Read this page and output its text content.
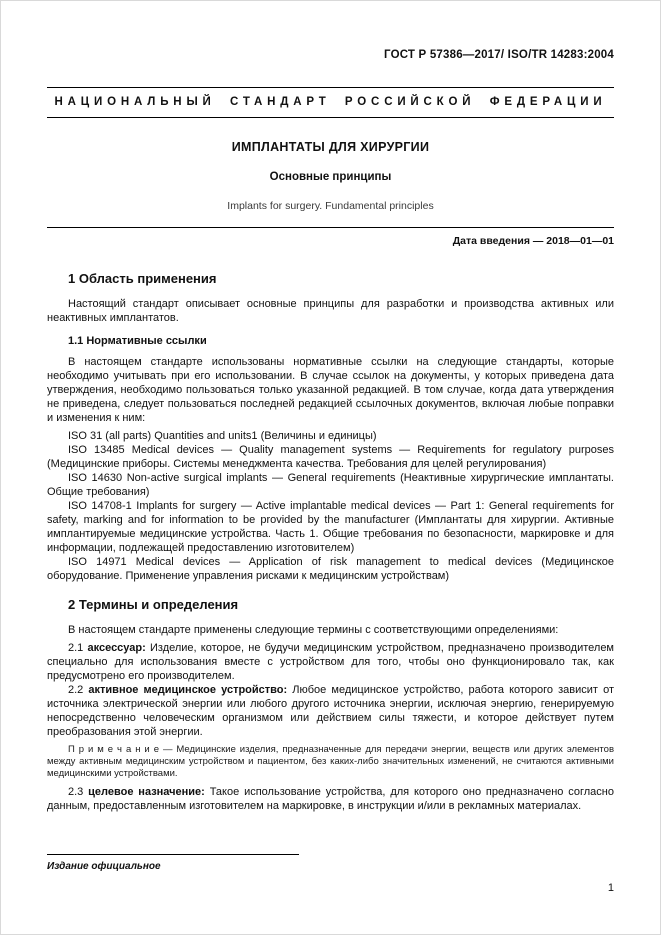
ГОСТ Р 57386—2017/ ISO/TR 14283:2004
НАЦИОНАЛЬНЫЙ СТАНДАРТ РОССИЙСКОЙ ФЕДЕРАЦИИ
ИМПЛАНТАТЫ ДЛЯ ХИРУРГИИ
Основные принципы
Implants for surgery. Fundamental principles
Дата введения — 2018—01—01
1 Область применения

Настоящий стандарт описывает основные принципы для разработки и производства активных или неактивных имплантатов.

1.1 Нормативные ссылки

В настоящем стандарте использованы нормативные ссылки на следующие стандарты, которые необходимо учитывать при его использовании. В случае ссылок на документы, у которых приведена дата утверждения, необходимо пользоваться только указанной редакцией. В том случае, когда дата утверждения не приведена, следует пользоваться последней редакцией ссылочных документов, включая любые поправки и изменения к ним:

ISO 31 (all parts) Quantities and units1 (Величины и единицы)

ISO 13485 Medical devices — Quality management systems — Requirements for regulatory purposes (Медицинские приборы. Системы менеджмента качества. Требования для целей регулирования)

ISO 14630 Non-active surgical implants — General requirements (Неактивные хирургические имплантаты. Общие требования)

ISO 14708-1 Implants for surgery — Active implantable medical devices — Part 1: General requirements for safety, marking and for information to be provided by the manufacturer (Имплантаты для хирургии. Активные имплантируемые медицинские устройства. Часть 1. Общие требования по безопасности, маркировке и для информации, подлежащей предоставлению изготовителем)

ISO 14971 Medical devices — Application of risk management to medical devices (Медицинское оборудование. Применение управления рисками к медицинским устройствам)

2 Термины и определения

В настоящем стандарте применены следующие термины с соответствующими определениями:

2.1 аксессуар: Изделие, которое, не будучи медицинским устройством, предназначено производителем специально для использования вместе с устройством для того, чтобы оно функционировало так, как предусмотрено его производителем.

2.2 активное медицинское устройство: Любое медицинское устройство, работа которого зависит от источника электрической энергии или любого другого источника энергии, исключая энергию, генерируемую непосредственно человеческим организмом или действием силы тяжести, и которое действует путем преобразования этой энергии.

П р и м е ч а н и е — Медицинские изделия, предназначенные для передачи энергии, веществ или других элементов между активным медицинским устройством и пациентом, без каких-либо значительных изменений, не считаются активными медицинскими устройствами.

2.3 целевое назначение: Такое использование устройства, для которого оно предназначено согласно данным, предоставленным изготовителем на маркировке, в инструкции и/или в рекламных материалах.

Издание официальное
1
